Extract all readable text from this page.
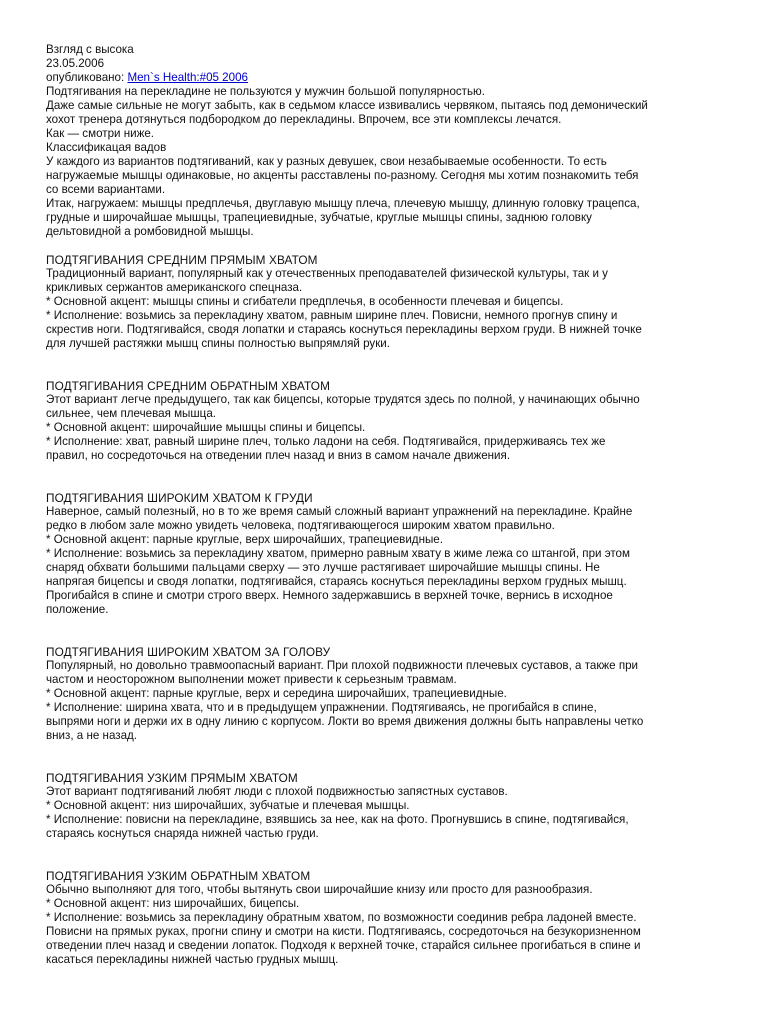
Взгляд с высока
23.05.2006
опубликовано: Men`s Health:#05 2006
Подтягивания на перекладине не пользуются у мужчин большой популярностью.
Даже самые сильные не могут забыть, как в седьмом классе извивались червяком, пытаясь под демонический
хохот тренера дотянуться подбородком до перекладины. Впрочем, все эти комплексы лечатся.
Как — смотри ниже.
Классификацая вадов
У каждого из вариантов подтягиваний, как у разных девушек, свои незабываемые особенности. То есть
нагружаемые мышцы одинаковые, но акценты расставлены по-разному. Сегодня мы хотим познакомить тебя
со всеми вариантами.
Итак, нагружаем: мышцы предплечья, двуглавую мышцу плеча, плечевую мышцу, длинную головку трацепса,
грудные и широчайшае мышцы, трапециевидные, зубчатые, круглые мышцы спины, заднюю головку
дельтовидной а ромбовидной мышцы.
ПОДТЯГИВАНИЯ СРЕДНИМ ПРЯМЫМ ХВАТОМ
Традиционный вариант, популярный как у отечественных преподавателей физической культуры, так и у
крикливых сержантов американского спецназа.
* Основной акцент: мышцы спины и сгибатели предплечья, в особенности плечевая и бицепсы.
* Исполнение: возьмись за перекладину хватом, равным ширине плеч. Повисни, немного прогнув спину и
скрестив ноги. Подтягивайся, сводя лопатки и стараясь коснуться перекладины верхом груди. В нижней точке
для лучшей растяжки мышц спины полностью выпрямляй руки.
ПОДТЯГИВАНИЯ СРЕДНИМ ОБРАТНЫМ ХВАТОМ
Этот вариант легче предыдущего, так как бицепсы, которые трудятся здесь по полной, у начинающих обычно
сильнее, чем плечевая мышца.
* Основной акцент: широчайшие мышцы спины и бицепсы.
* Исполнение: хват, равный ширине плеч, только ладони на себя. Подтягивайся, придерживаясь тех же
правил, но сосредоточься на отведении плеч назад и вниз в самом начале движения.
ПОДТЯГИВАНИЯ ШИРОКИМ ХВАТОМ К ГРУДИ
Наверное, самый полезный, но в то же время самый сложный вариант упражнений на перекладине. Крайне
редко в любом зале можно увидеть человека, подтягивающегося широким хватом правильно.
* Основной акцент: парные круглые, верх широчайших, трапециевидные.
* Исполнение: возьмись за перекладину хватом, примерно равным хвату в жиме лежа со штангой, при этом
снаряд обхвати большими пальцами сверху — это лучше растягивает широчайшие мышцы спины. Не
напрягая бицепсы и сводя лопатки, подтягивайся, стараясь коснуться перекладины верхом грудных мышц.
Прогибайся в спине и смотри строго вверх. Немного задержавшись в верхней точке, вернись в исходное
положение.
ПОДТЯГИВАНИЯ ШИРОКИМ ХВАТОМ ЗА ГОЛОВУ
Популярный, но довольно травмоопасный вариант. При плохой подвижности плечевых суставов, а также при
частом и неосторожном выполнении может привести к серьезным травмам.
* Основной акцент: парные круглые, верх и середина широчайших, трапециевидные.
* Исполнение: ширина хвата, что и в предыдущем упражнении. Подтягиваясь, не прогибайся в спине,
выпрями ноги и держи их в одну линию с корпусом. Локти во время движения должны быть направлены четко
вниз, а не назад.
ПОДТЯГИВАНИЯ УЗКИМ ПРЯМЫМ ХВАТОМ
Этот вариант подтягиваний любят люди с плохой подвижностью запястных суставов.
* Основной акцент: низ широчайших, зубчатые и плечевая мышцы.
* Исполнение: повисни на перекладине, взявшись за нее, как на фото. Прогнувшись в спине, подтягивайся,
стараясь коснуться снаряда нижней частью груди.
ПОДТЯГИВАНИЯ УЗКИМ ОБРАТНЫМ ХВАТОМ
Обычно выполняют для того, чтобы вытянуть свои широчайшие книзу или просто для разнообразия.
* Основной акцент: низ широчайших, бицепсы.
* Исполнение: возьмись за перекладину обратным хватом, по возможности соединив ребра ладоней вместе.
Повисни на прямых руках, прогни спину и смотри на кисти. Подтягиваясь, сосредоточься на безукоризненном
отведении плеч назад и сведении лопаток. Подходя к верхней точке, старайся сильнее прогибаться в спине и
касаться перекладины нижней частью грудных мышц.
